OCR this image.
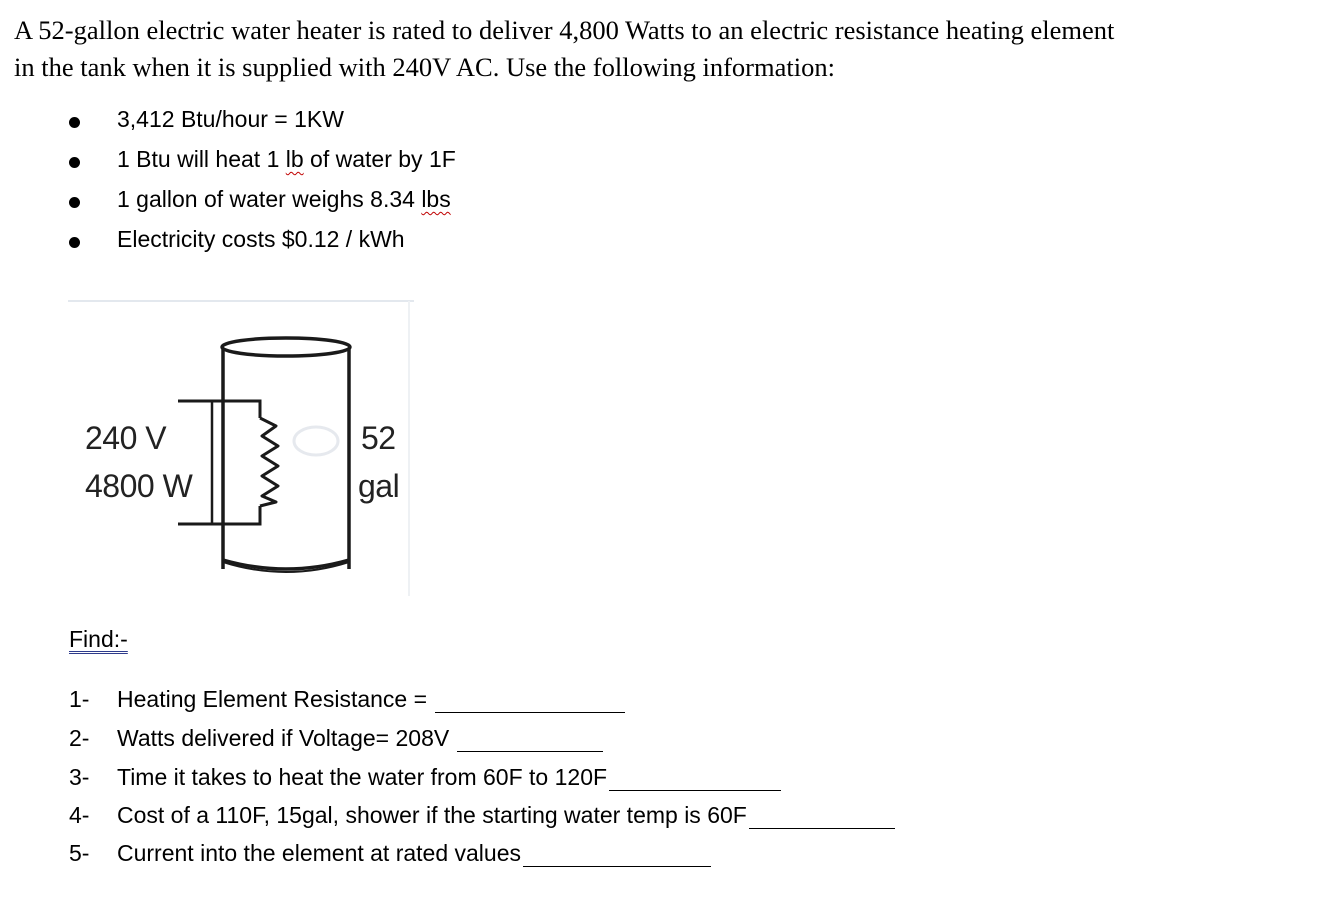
A 52-gallon electric water heater is rated to deliver 4,800 Watts to an electric resistance heating element
in the tank when it is supplied with 240V AC. Use the following information:

3,412 Btu/hour = 1KW
1 Btu will heat 1 lb of water by 1F
1 gallon of water weighs 8.34 lbs
Electricity costs $0.12 / kWh
240 V
4800 W
52
gal
Find:-
1- Heating Element Resistance =
2- Watts delivered if Voltage= 208V
3- Time it takes to heat the water from 60F to 120F
4- Cost of a 110F, 15gal, shower if the starting water temp is 60F
5- Current into the element at rated values
